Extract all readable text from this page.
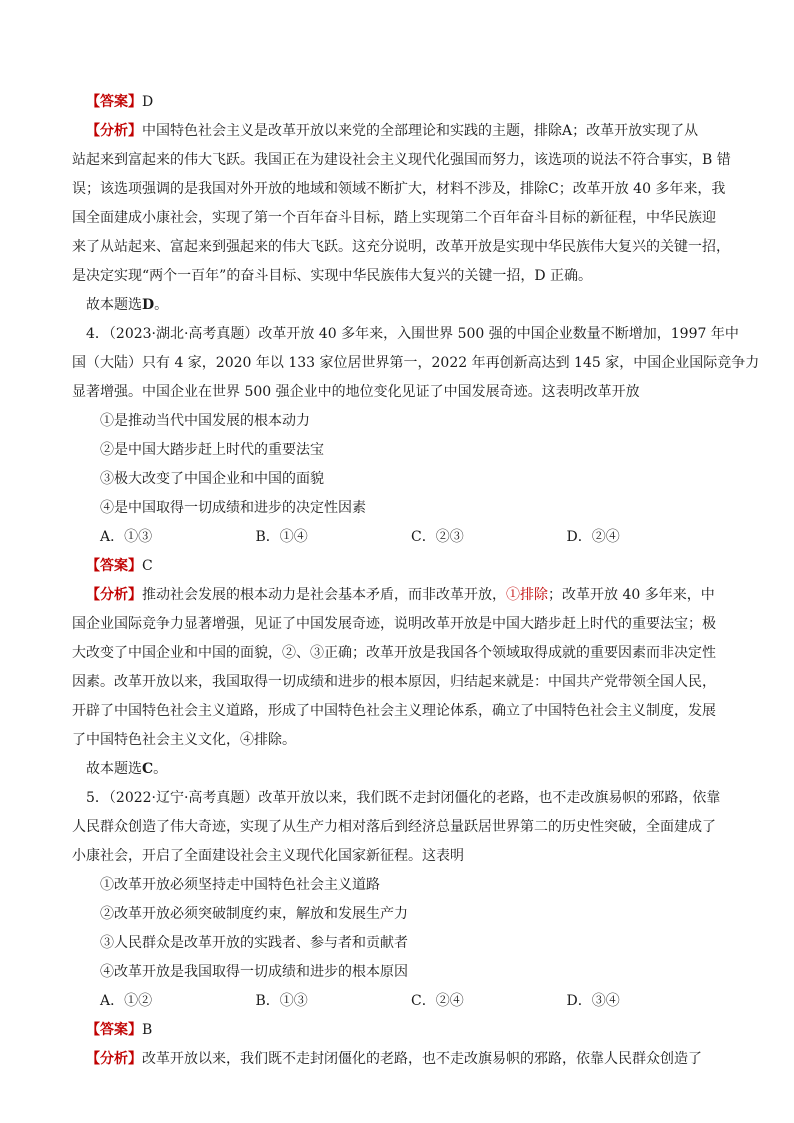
【答案】D
【分析】中国特色社会主义是改革开放以来党的全部理论和实践的主题，排除A；改革开放实现了从
站起来到富起来的伟大飞跃。我国正在为建设社会主义现代化强国而努力，该选项的说法不符合事实，B 错
误；该选项强调的是我国对外开放的地域和领域不断扩大，材料不涉及，排除C；改革开放 40 多年来，我
国全面建成小康社会，实现了第一个百年奋斗目标，踏上实现第二个百年奋斗目标的新征程，中华民族迎
来了从站起来、富起来到强起来的伟大飞跃。这充分说明，改革开放是实现中华民族伟大复兴的关键一招，
是决定实现“两个一百年”的奋斗目标、实现中华民族伟大复兴的关键一招，D 正确。
故本题选D。
4．（2023·湖北·高考真题）改革开放 40 多年来，入围世界 500 强的中国企业数量不断增加，1997 年中
国（大陆）只有 4 家，2020 年以 133 家位居世界第一，2022 年再创新高达到 145 家，中国企业国际竞争力
显著增强。中国企业在世界 500 强企业中的地位变化见证了中国发展奇迹。这表明改革开放
①是推动当代中国发展的根本动力
②是中国大踏步赶上时代的重要法宝
③极大改变了中国企业和中国的面貌
④是中国取得一切成绩和进步的决定性因素
A．①③	B．①④	C．②③	D．②④
【答案】C
【分析】推动社会发展的根本动力是社会基本矛盾，而非改革开放，①排除；改革开放 40 多年来，中
国企业国际竞争力显著增强，见证了中国发展奇迹，说明改革开放是中国大踏步赶上时代的重要法宝；极
大改变了中国企业和中国的面貌，②、③正确；改革开放是我国各个领域取得成就的重要因素而非决定性
因素。改革开放以来，我国取得一切成绩和进步的根本原因，归结起来就是：中国共产党带领全国人民，
开辟了中国特色社会主义道路，形成了中国特色社会主义理论体系，确立了中国特色社会主义制度，发展
了中国特色社会主义文化，④排除。
故本题选C。
5．（2022·辽宁·高考真题）改革开放以来，我们既不走封闭僵化的老路，也不走改旗易帜的邪路，依靠
人民群众创造了伟大奇迹，实现了从生产力相对落后到经济总量跃居世界第二的历史性突破，全面建成了
小康社会，开启了全面建设社会主义现代化国家新征程。这表明
①改革开放必须坚持走中国特色社会主义道路
②改革开放必须突破制度约束，解放和发展生产力
③人民群众是改革开放的实践者、参与者和贡献者
④改革开放是我国取得一切成绩和进步的根本原因
A．①②	B．①③	C．②④	D．③④
【答案】B
【分析】改革开放以来，我们既不走封闭僵化的老路，也不走改旗易帜的邪路，依靠人民群众创造了
